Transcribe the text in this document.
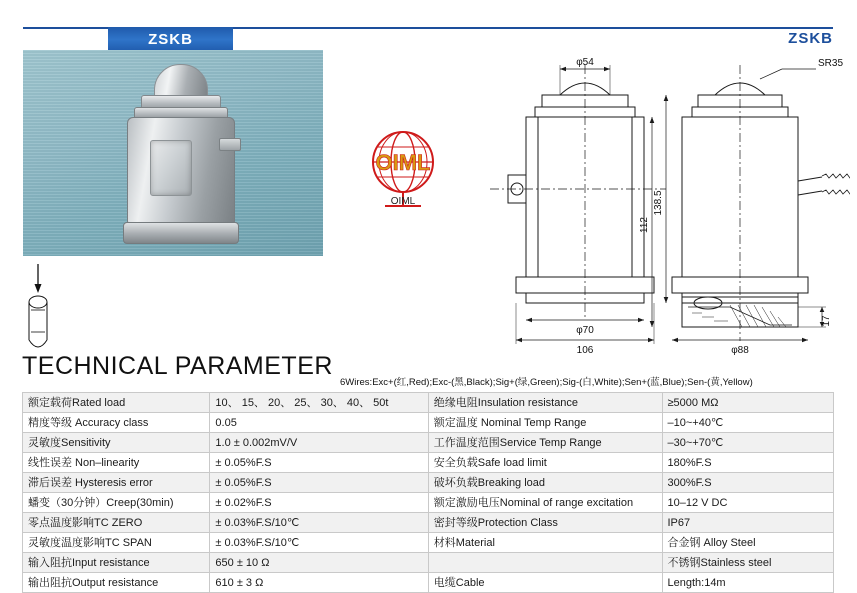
ZSKB	ZSKB
OIML
OIML
φ54
φ70
106
SR35
138.5
112
17
φ88
TECHNICAL PARAMETER
6Wires:Exc+(红,Red);Exc-(黑,Black);Sig+(绿,Green);Sig-(白,White);Sen+(蓝,Blue);Sen-(黄,Yellow)
额定载荷Rated load	10、 15、 20、 25、 30、 40、 50t	绝缘电阻Insulation resistance	≥5000 MΩ
精度等级 Accuracy class	0.05	额定温度 Nominal Temp Range	–10~+40℃
灵敏度Sensitivity	1.0 ± 0.002mV/V	工作温度范围Service Temp Range	–30~+70℃
线性误差 Non–linearity	± 0.05%F.S	安全负载Safe load limit	180%F.S
滞后误差 Hysteresis error	± 0.05%F.S	破坏负载Breaking load	300%F.S
蟠变（30分钟）Creep(30min)	± 0.02%F.S	额定激励电压Nominal of range excitation	10–12 V DC
零点温度影响TC ZERO	± 0.03%F.S/10℃	密封等级Protection Class	IP67
灵敏度温度影响TC SPAN	± 0.03%F.S/10℃	材料Material	合金钢 Alloy Steel
输入阻抗Input resistance	650 ± 10 Ω		不锈钢Stainless steel
输出阻抗Output resistance	610 ± 3 Ω	电缆Cable	Length:14m
